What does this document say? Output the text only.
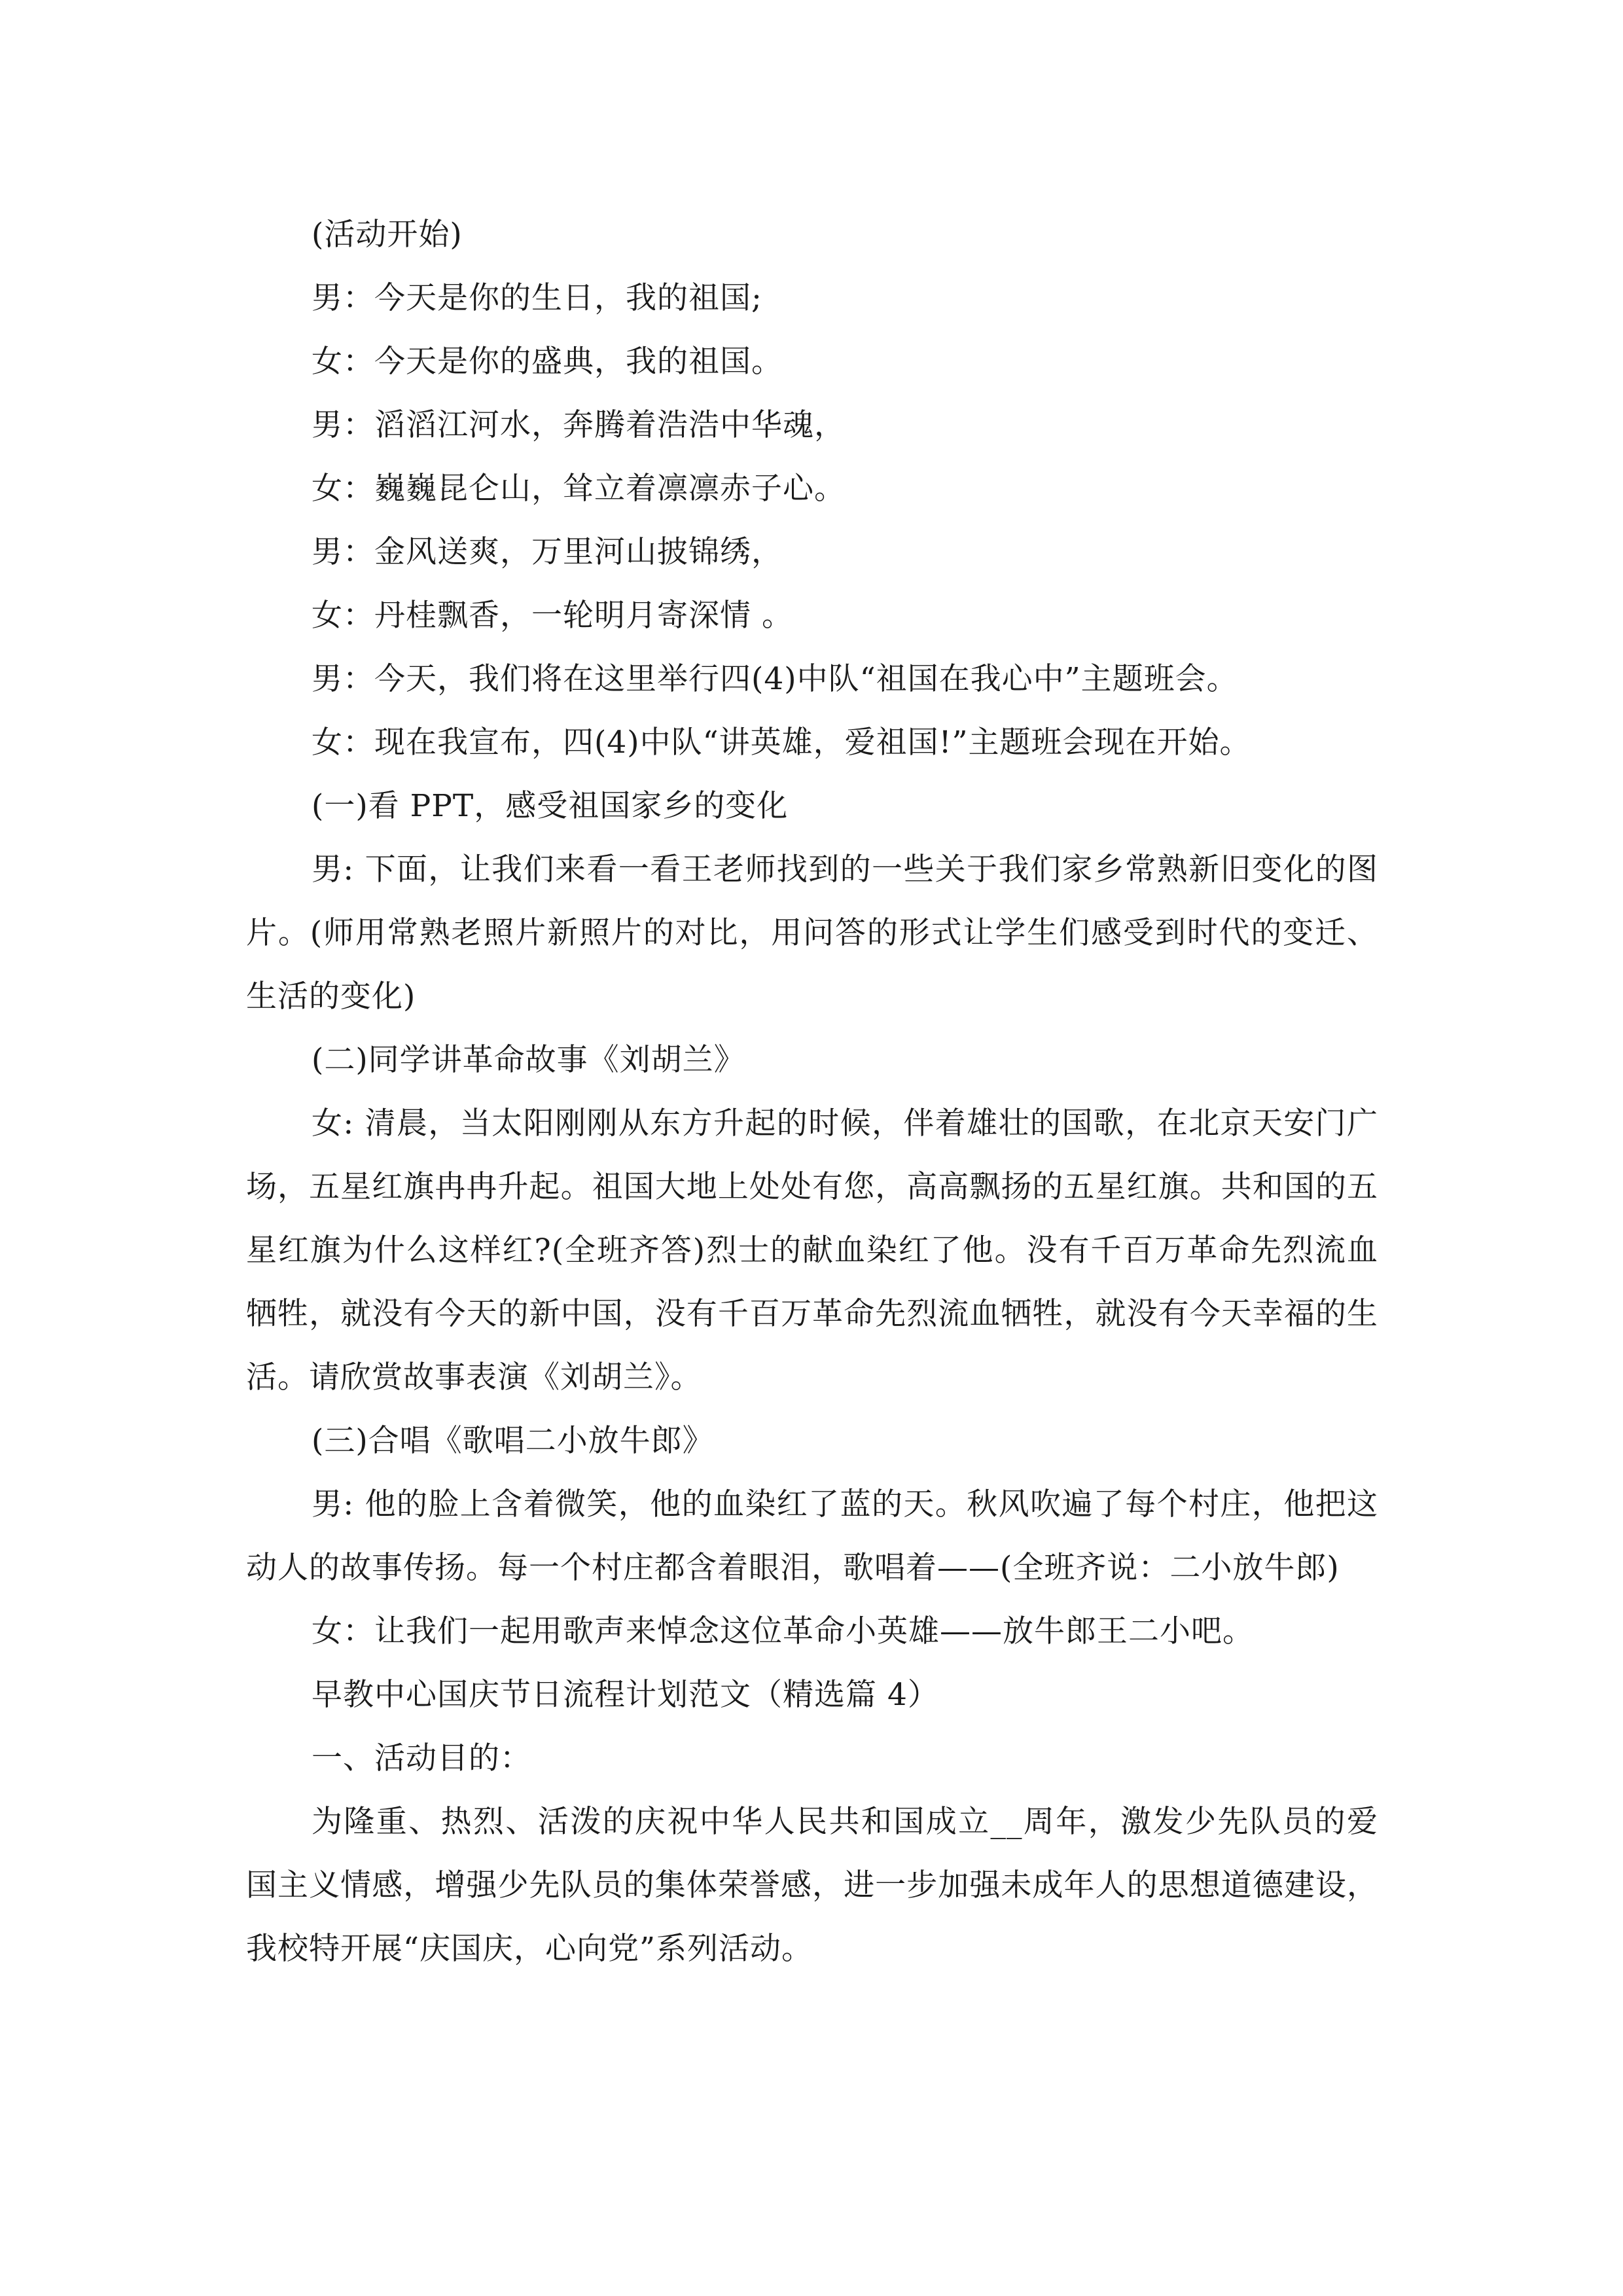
(活动开始)

男：今天是你的生日，我的祖国;

女：今天是你的盛典，我的祖国。

男：滔滔江河水，奔腾着浩浩中华魂，

女：巍巍昆仑山，耸立着凛凛赤子心。

男：金风送爽，万里河山披锦绣，

女：丹桂飘香，一轮明月寄深情 。

男：今天，我们将在这里举行四(4)中队“祖国在我心中”主题班会。

女：现在我宣布，四(4)中队“讲英雄，爱祖国!”主题班会现在开始。

(一)看 PPT，感受祖国家乡的变化

男: 下面，让我们来看一看王老师找到的一些关于我们家乡常熟新旧变化的图片。(师用常熟老照片新照片的对比，用问答的形式让学生们感受到时代的变迁、生活的变化)

(二)同学讲革命故事《刘胡兰》

女: 清晨，当太阳刚刚从东方升起的时候，伴着雄壮的国歌，在北京天安门广场，五星红旗冉冉升起。祖国大地上处处有您，高高飘扬的五星红旗。共和国的五星红旗为什么这样红?(全班齐答)烈士的献血染红了他。没有千百万革命先烈流血牺牲，就没有今天的新中国，没有千百万革命先烈流血牺牲，就没有今天幸福的生活。请欣赏故事表演《刘胡兰》。

(三)合唱《歌唱二小放牛郎》

男: 他的脸上含着微笑，他的血染红了蓝的天。秋风吹遍了每个村庄，他把这动人的故事传扬。每一个村庄都含着眼泪，歌唱着——(全班齐说：二小放牛郎)

女：让我们一起用歌声来悼念这位革命小英雄——放牛郎王二小吧。

早教中心国庆节日流程计划范文（精选篇 4）

一、活动目的：

为隆重、热烈、活泼的庆祝中华人民共和国成立__周年，激发少先队员的爱国主义情感，增强少先队员的集体荣誉感，进一步加强未成年人的思想道德建设，我校特开展“庆国庆，心向党”系列活动。
